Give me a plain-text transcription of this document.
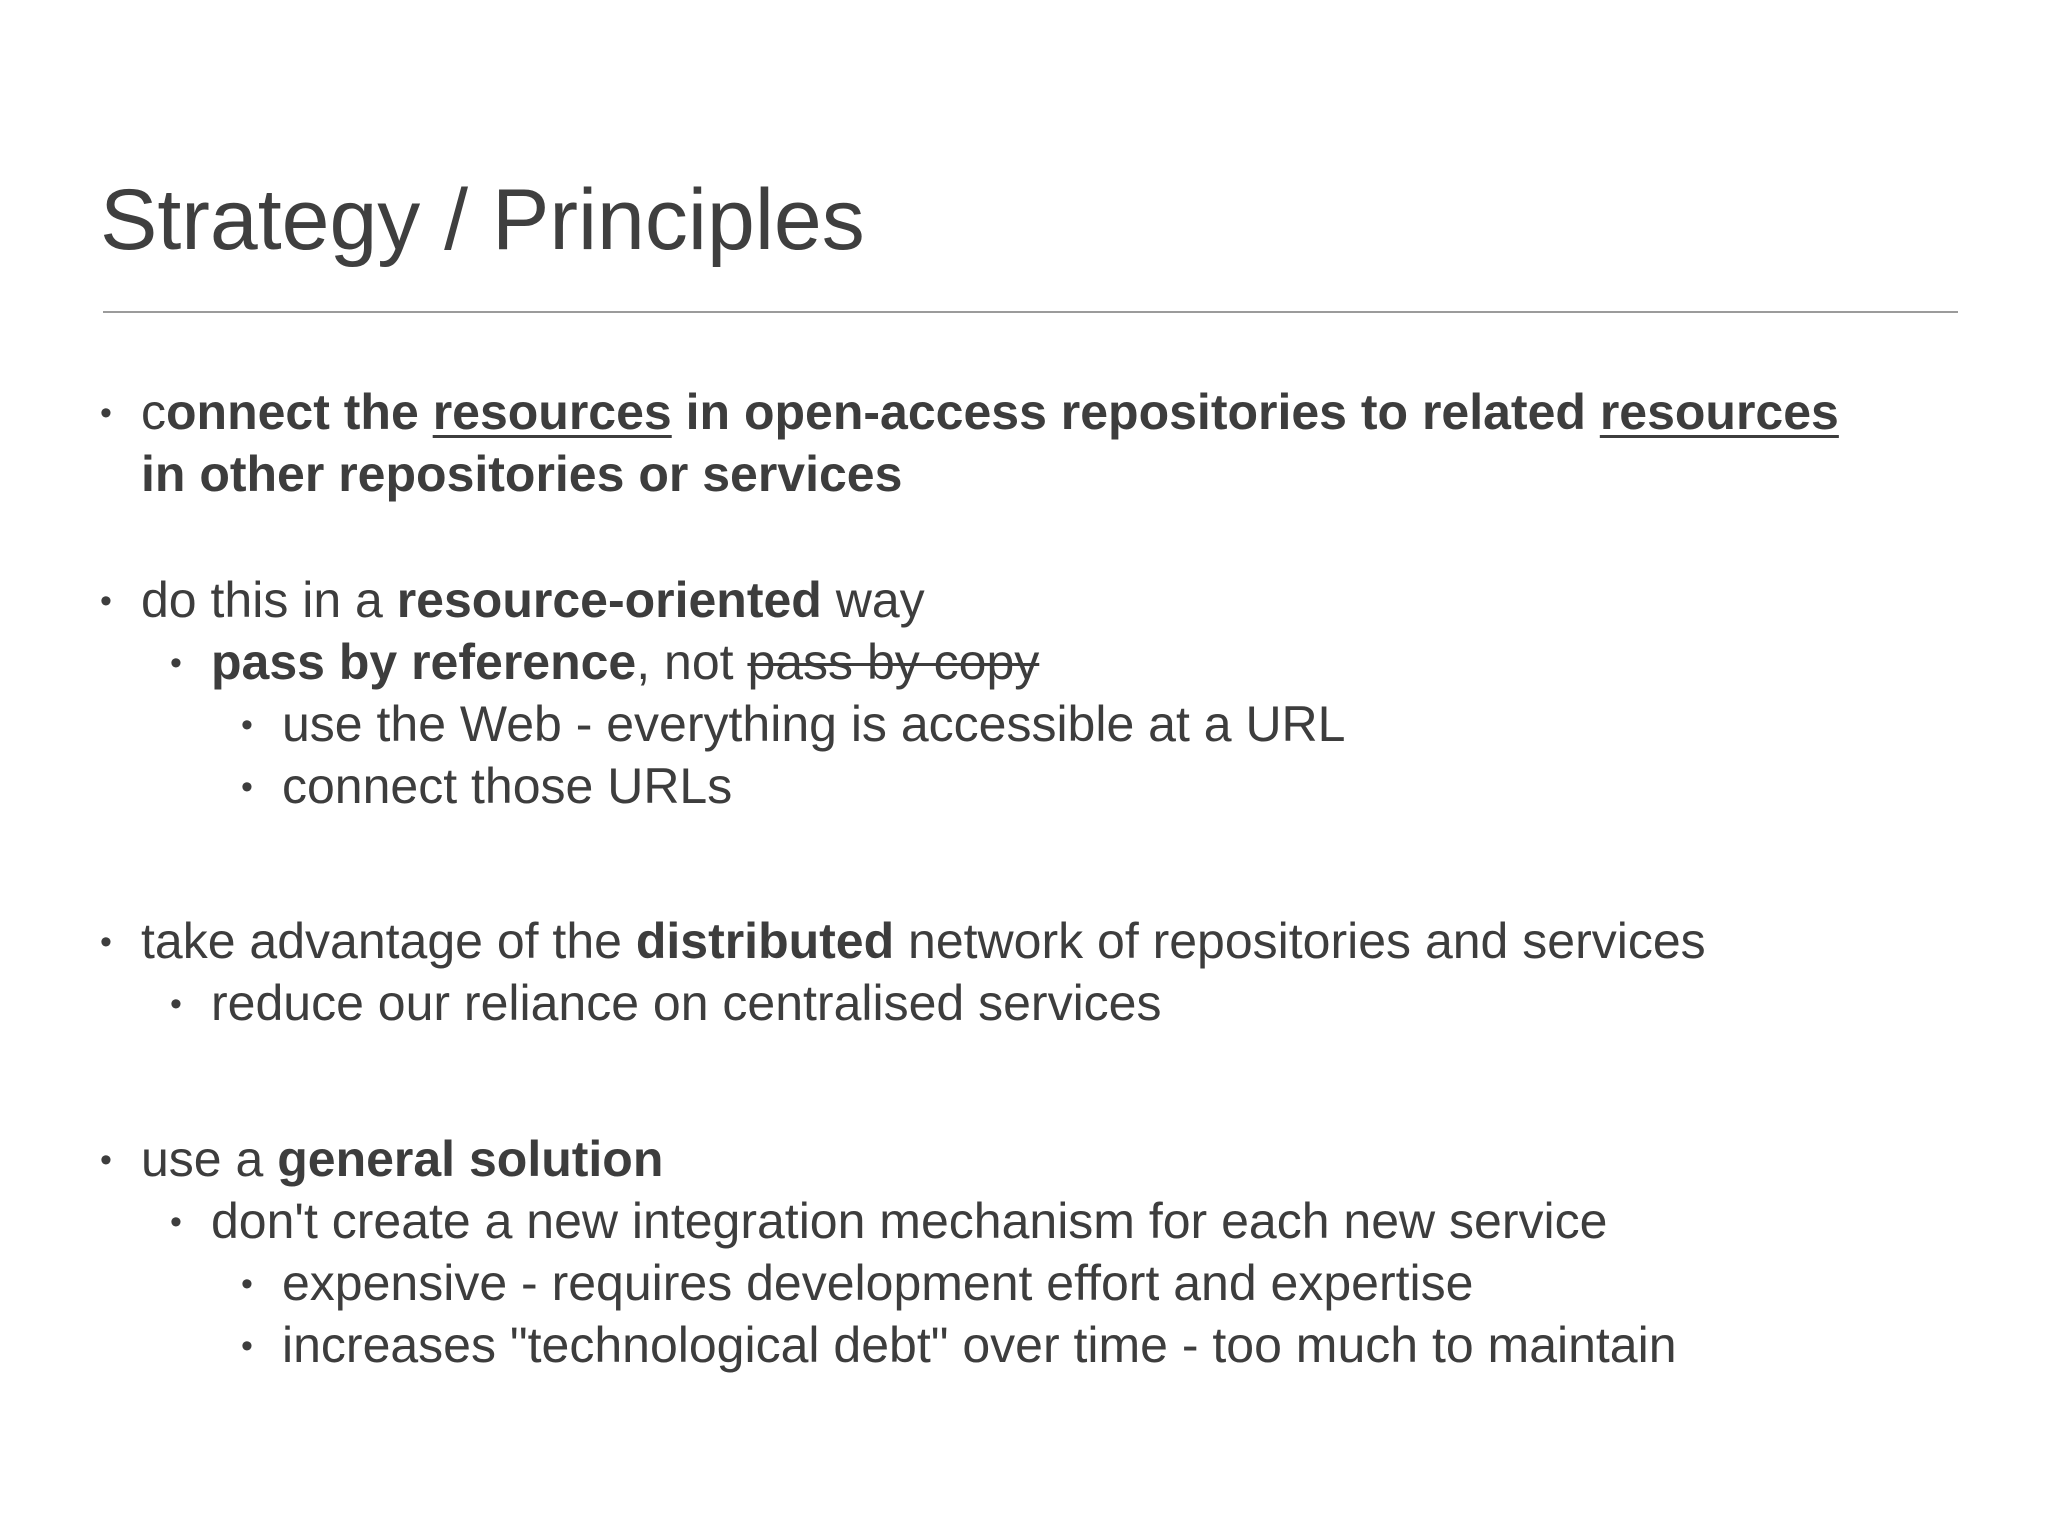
Strategy / Principles
• connect the resources in open-access repositories to related resources
in other repositories or services
• do this in a resource-oriented way
• pass by reference, not pass by copy
• use the Web - everything is accessible at a URL
• connect those URLs
• take advantage of the distributed network of repositories and services
• reduce our reliance on centralised services
• use a general solution
• don't create a new integration mechanism for each new service
• expensive - requires development effort and expertise
• increases "technological debt" over time - too much to maintain
